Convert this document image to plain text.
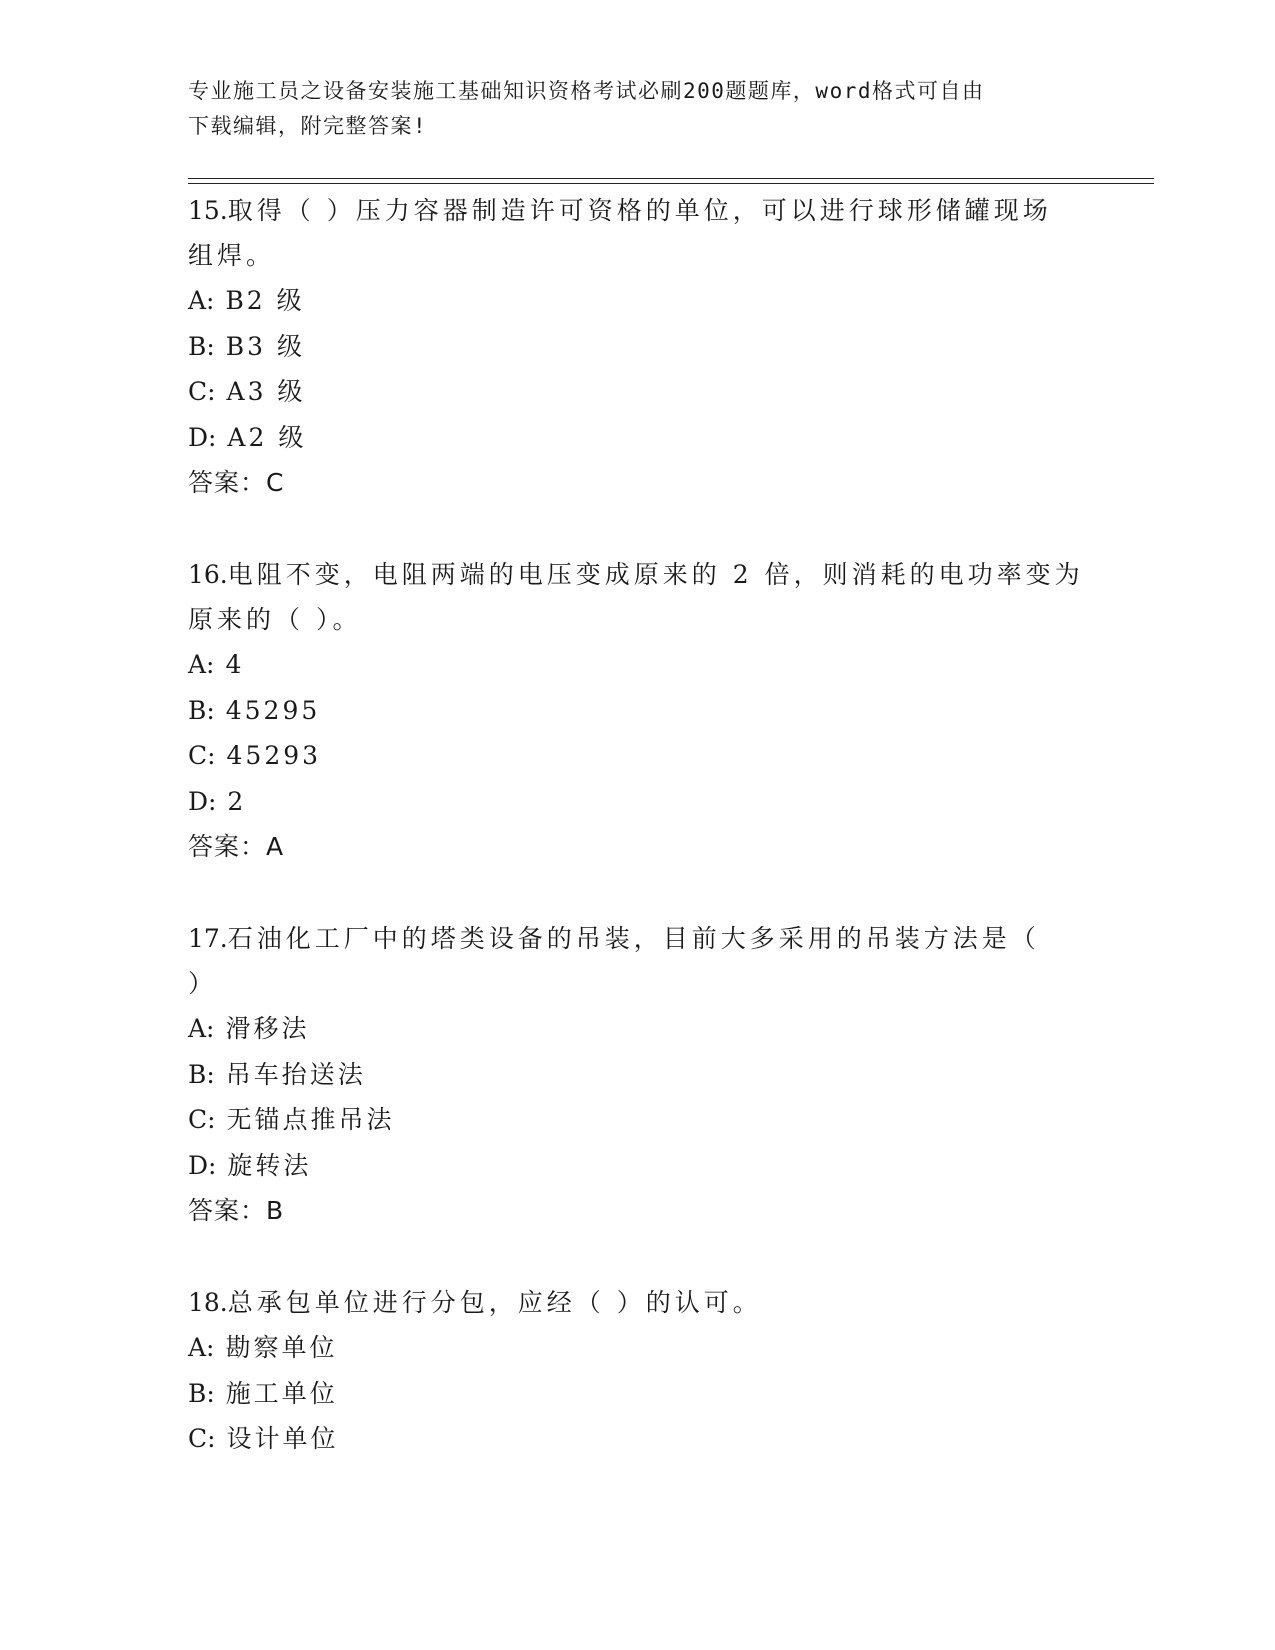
专业施工员之设备安装施工基础知识资格考试必刷200题题库，word格式可自由
下载编辑，附完整答案!
15.取得（ ）压力容器制造许可资格的单位，可以进行球形储罐现场
组焊。
A: B2 级
B: B3 级
C: A3 级
D: A2 级
答案：C
16.电阻不变，电阻两端的电压变成原来的 2 倍，则消耗的电功率变为
原来的（ ）。
A: 4
B: 45295
C: 45293
D: 2
答案：A
17.石油化工厂中的塔类设备的吊装，目前大多采用的吊装方法是（
）
A: 滑移法
B: 吊车抬送法
C: 无锚点推吊法
D: 旋转法
答案：B
18.总承包单位进行分包，应经（ ）的认可。
A: 勘察单位
B: 施工单位
C: 设计单位
